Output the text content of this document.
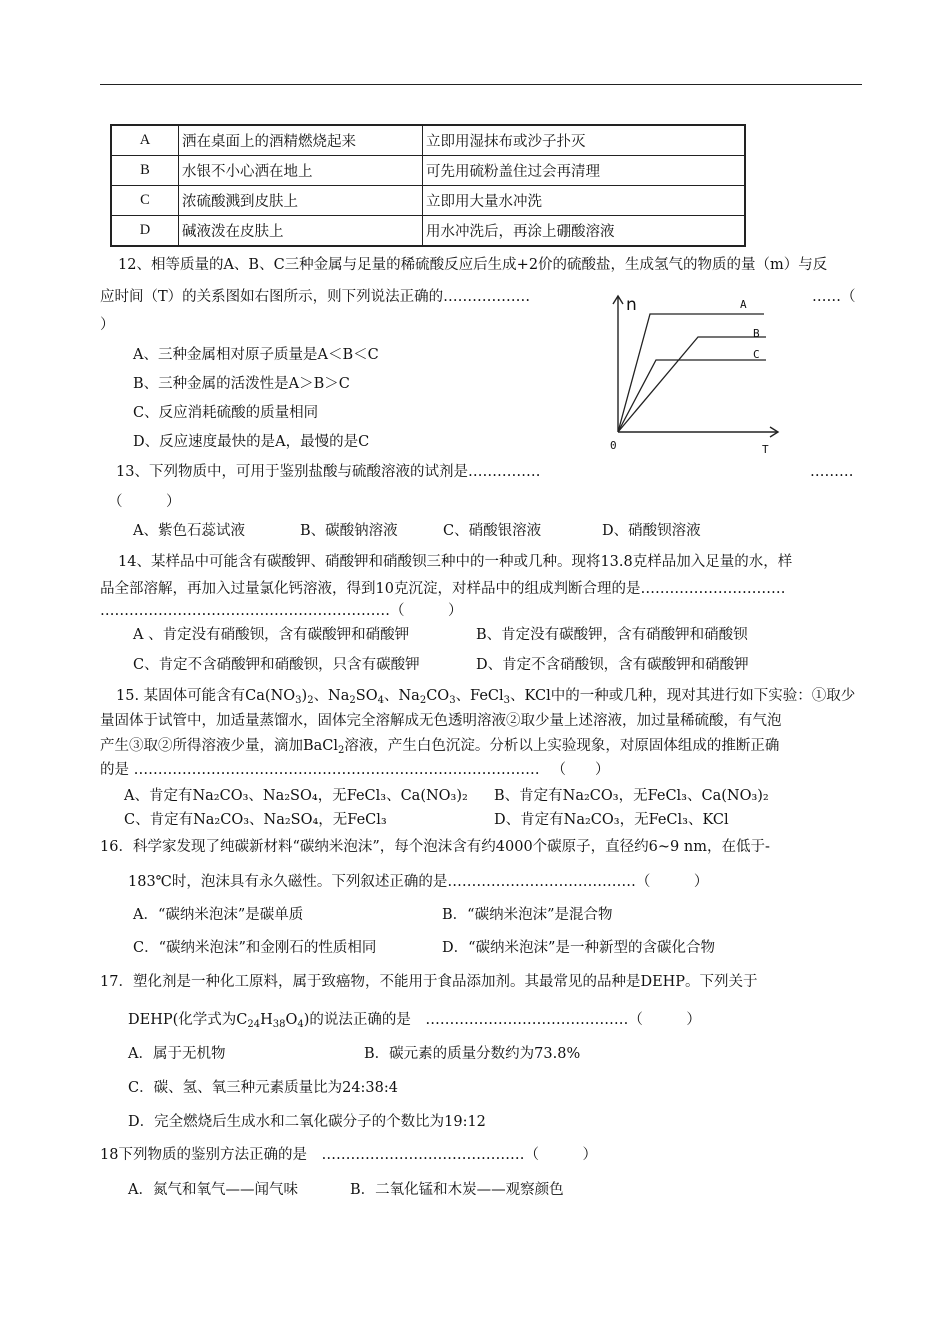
A	洒在桌面上的酒精燃烧起来	立即用湿抹布或沙子扑灭
B	水银不小心洒在地上	可先用硫粉盖住过会再清理
C	浓硫酸溅到皮肤上	立即用大量水冲洗
D	碱液泼在皮肤上	用水冲洗后，再涂上硼酸溶液
12、相等质量的A、B、C三种金属与足量的稀硫酸反应后生成+2价的硫酸盐，生成氢气的物质的量（m）与反
应时间（T）的关系图如右图所示，则下列说法正确的………………	……（
）
A、三种金属相对原子质量是A＜B＜C
B、三种金属的活泼性是A＞B＞C
C、反应消耗硫酸的质量相同
D、反应速度最快的是A，最慢的是C
n	A
B
C
0	T
13、下列物质中，可用于鉴别盐酸与硫酸溶液的试剂是……………	………
（　　　）
A、紫色石蕊试液	B、碳酸钠溶液	C、硝酸银溶液	D、硝酸钡溶液
14、某样品中可能含有碳酸钾、硝酸钾和硝酸钡三种中的一种或几种。现将13.8克样品加入足量的水，样
品全部溶解，再加入过量氯化钙溶液，得到10克沉淀，对样品中的组成判断合理的是…………………………
……………………………………………………（　　　）
A 、肯定没有硝酸钡，含有碳酸钾和硝酸钾	B、肯定没有碳酸钾，含有硝酸钾和硝酸钡
C、肯定不含硝酸钾和硝酸钡，只含有碳酸钾	D、肯定不含硝酸钡，含有碳酸钾和硝酸钾
15. 某固体可能含有$Ca(NO_3)_2$、$Na_2SO_4$、$Na_2CO_3$、FeCl$_3$、KCl中的一种或几种，现对其进行如下实验：①取少
量固体于试管中，加适量蒸馏水，固体完全溶解成无色透明溶液②取少量上述溶液，加过量稀硫酸，有气泡
产生③取②所得溶液少量，滴加BaCl$_2$溶液，产生白色沉淀。分析以上实验现象，对原固体组成的推断正确
的是 ………………………………………………………………………… 　（　　）
A、肯定有Na₂CO₃、Na₂SO₄，无FeCl₃、Ca(NO₃)₂ B、肯定有Na₂CO₃，无FeCl₃、Ca(NO₃)₂
C、肯定有Na₂CO₃、Na₂SO₄，无FeCl₃	D、肯定有Na₂CO₃，无FeCl₃、KCl
16．科学家发现了纯碳新材料“碳纳米泡沫”，每个泡沫含有约4000个碳原子，直径约6~9 nm，在低于-
183℃时，泡沫具有永久磁性。下列叙述正确的是…………………………………（　　　）
A．“碳纳米泡沫”是碳单质	B．“碳纳米泡沫”是混合物
C．“碳纳米泡沫”和金刚石的性质相同	D．“碳纳米泡沫”是一种新型的含碳化合物
17．塑化剂是一种化工原料，属于致癌物，不能用于食品添加剂。其最常见的品种是DEHP。下列关于
DEHP(化学式为$C_{24}H_{38}O_4$)的说法正确的是　……………………………………（　　　）
A．属于无机物	B．碳元素的质量分数约为73.8%
C．碳、氢、氧三种元素质量比为24:38:4
D．完全燃烧后生成水和二氧化碳分子的个数比为19:12
18下列物质的鉴别方法正确的是　……………………………………（　　　）
A．氮气和氧气——闻气味	B．二氧化锰和木炭——观察颜色
